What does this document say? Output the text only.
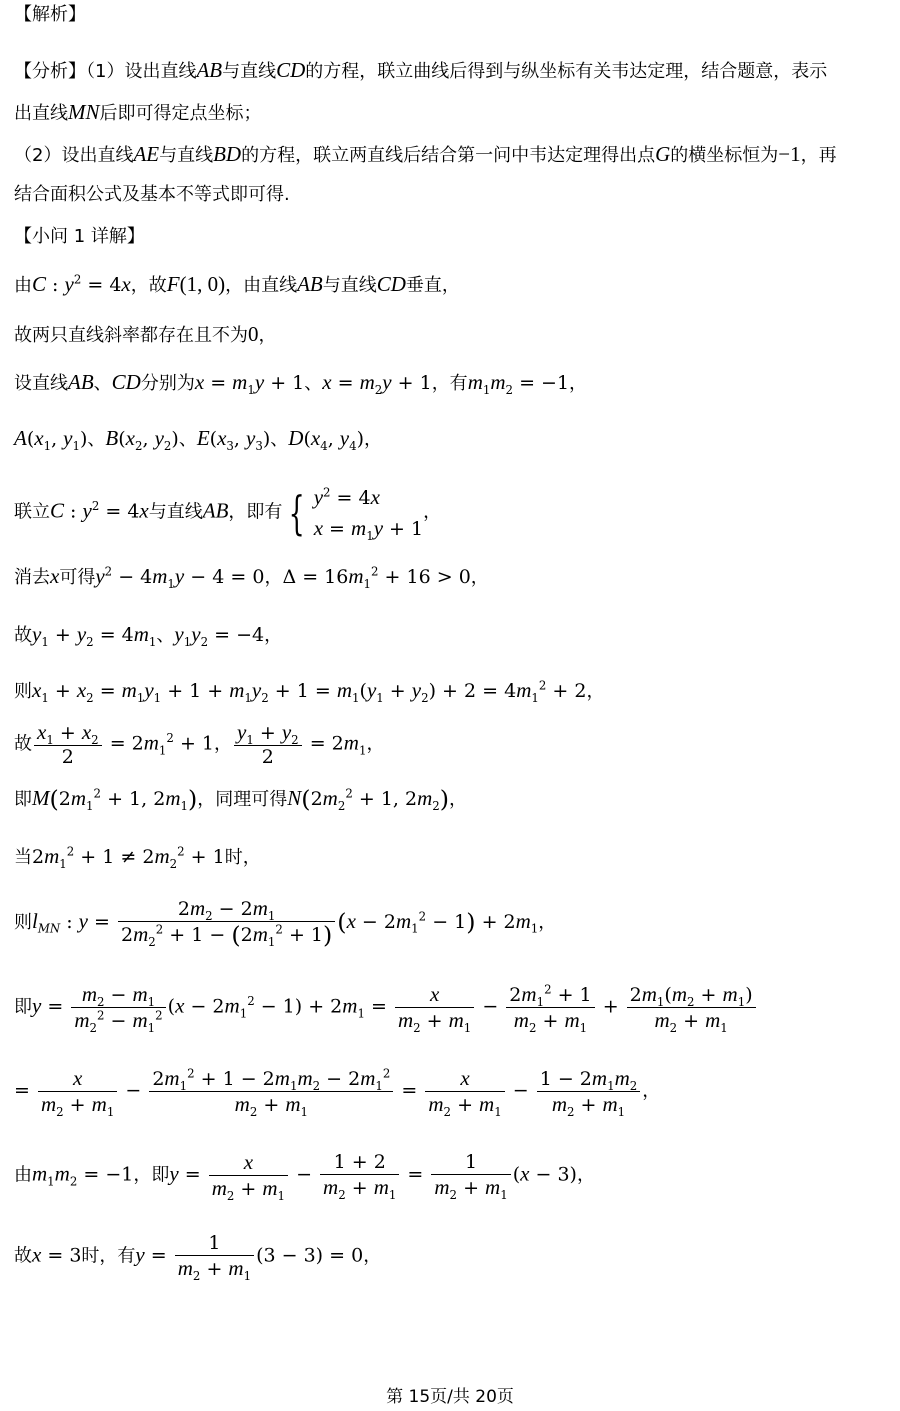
【解析】
【分析】（1）设出直线AB与直线CD的方程，联立曲线后得到与纵坐标有关韦达定理，结合题意，表示
出直线MN后即可得定点坐标；
（2）设出直线AE与直线BD的方程，联立两直线后结合第一问中韦达定理得出点G的横坐标恒为−1，再
结合面积公式及基本不等式即可得.
【小问 1 详解】
由C : $y^2 = 4x$，故F(1, 0)，由直线AB与直线CD垂直，
故两只直线斜率都存在且不为0，
设直线AB、CD分别为$x = m_1y + 1$、$x = m_2y + 1$，有$m_1m_2 = -1$，
$A(x_1$, $y_1$)、$B(x_2$, $y_2$)、$E(x_3$, $y_3$)、$D(x_4$, $y_4$)，
联立C : $y^2 = 4x$与直线AB，即有 { $y^2 = 4x$
$x = m_1y + 1$
，
消去x可得$y^2 - 4m_1y - 4 = 0$，$\Delta = 16m_1^2 + 16 > 0$，
故$y_1 + y_2 = 4m_1$、$y_1y_2 = -4$，
则$x_1 + x_2 = m_1y_1 + 1 + m_1y_2 + 1 = m_1(y_1 + y_2) + 2 = 4m_1^2 + 2$，
故 $\frac{x_1 + x_2}{2} = 2m_1^2 + 1$， $\frac{y_1 + y_2}{2} = 2m_1$，
即$M(2m_1^2 + 1$, $2m_1$)，同理可得$N(2m_2^2 + 1$, $2m_2$)，
当$2m_1^2 + 1 \ne 2m_2^2 + 1$时，
则$l_{MN}$ : $y = \frac{2m_2 - 2m_1}{2m_2^2 + 1 - (2m_1^2 + 1)} (x - 2m_1^2 - 1) + 2m_1$，
即$y = \frac{m_2 - m_1}{m_2^2 - m_1^2} (x - 2m_1^2 - 1) + 2m_1 = \frac{x}{m_2 + m_1} - \frac{2m_1^2 + 1}{m_2 + m_1} + \frac{2m_1(m_2 + m_1)}{m_2 + m_1}$
= $\frac{x}{m_2 + m_1} - \frac{2m_1^2 + 1 - 2m_1m_2 - 2m_1^2}{m_2 + m_1} = \frac{x}{m_2 + m_1} - \frac{1 - 2m_1m_2}{m_2 + m_1}$ ，
由$m_1m_2 = -1$，即$y = \frac{x}{m_2 + m_1} - \frac{1 + 2}{m_2 + m_1} = \frac{1}{m_2 + m_1} (x - 3)$，
故x = 3时，有$y = \frac{1}{m_2 + m_1} (3 - 3) = 0$，
第 15页/共 20页
